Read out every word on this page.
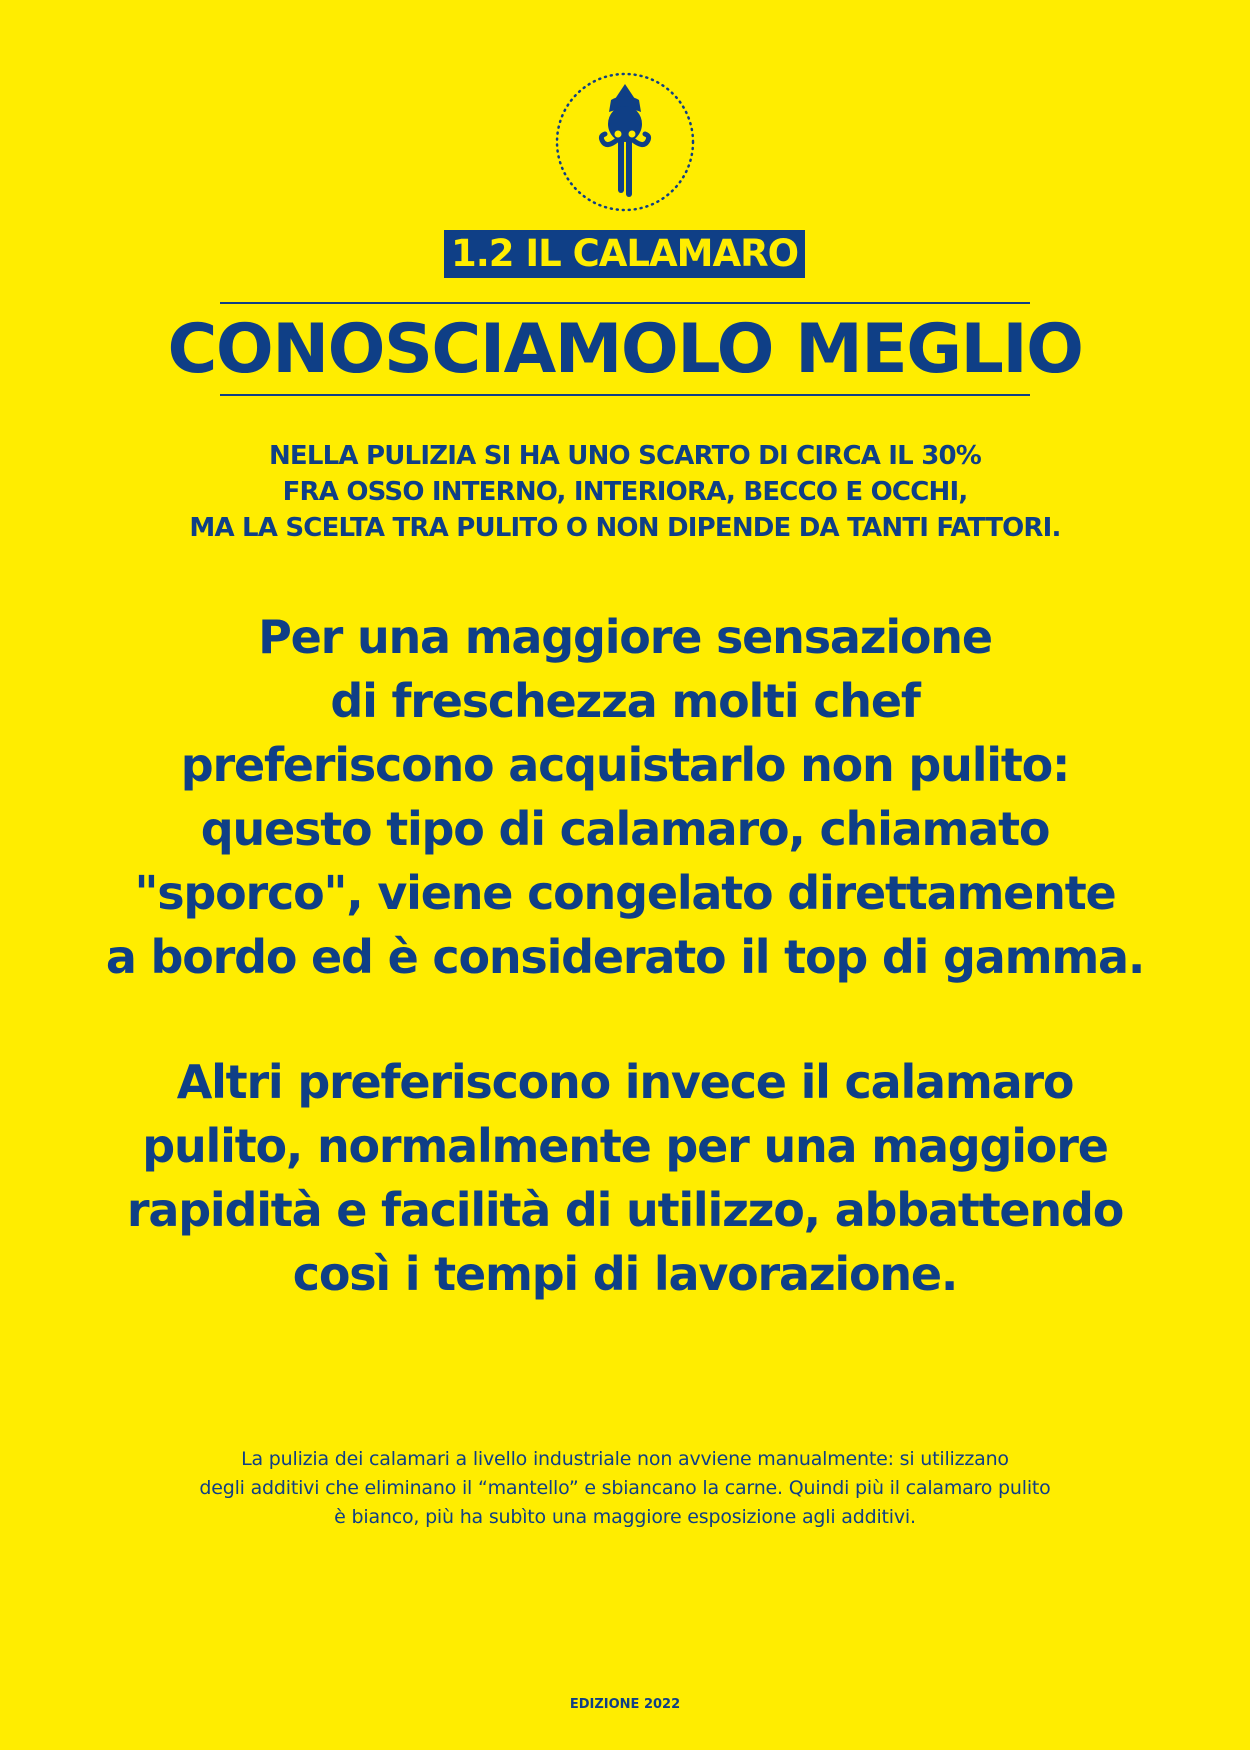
1.2 IL CALAMARO
CONOSCIAMOLO MEGLIO
NELLA PULIZIA SI HA UNO SCARTO DI CIRCA IL 30%
FRA OSSO INTERNO, INTERIORA, BECCO E OCCHI,
MA LA SCELTA TRA PULITO O NON DIPENDE DA TANTI FATTORI.
Per una maggiore sensazione
di freschezza molti chef
preferiscono acquistarlo non pulito:
questo tipo di calamaro, chiamato
"sporco", viene congelato direttamente
a bordo ed è considerato il top di gamma.
Altri preferiscono invece il calamaro
pulito, normalmente per una maggiore
rapidità e facilità di utilizzo, abbattendo
così i tempi di lavorazione.
La pulizia dei calamari a livello industriale non avviene manualmente: si utilizzano
degli additivi che eliminano il “mantello” e sbiancano la carne. Quindi più il calamaro pulito
è bianco, più ha subìto una maggiore esposizione agli additivi.
EDIZIONE 2022
